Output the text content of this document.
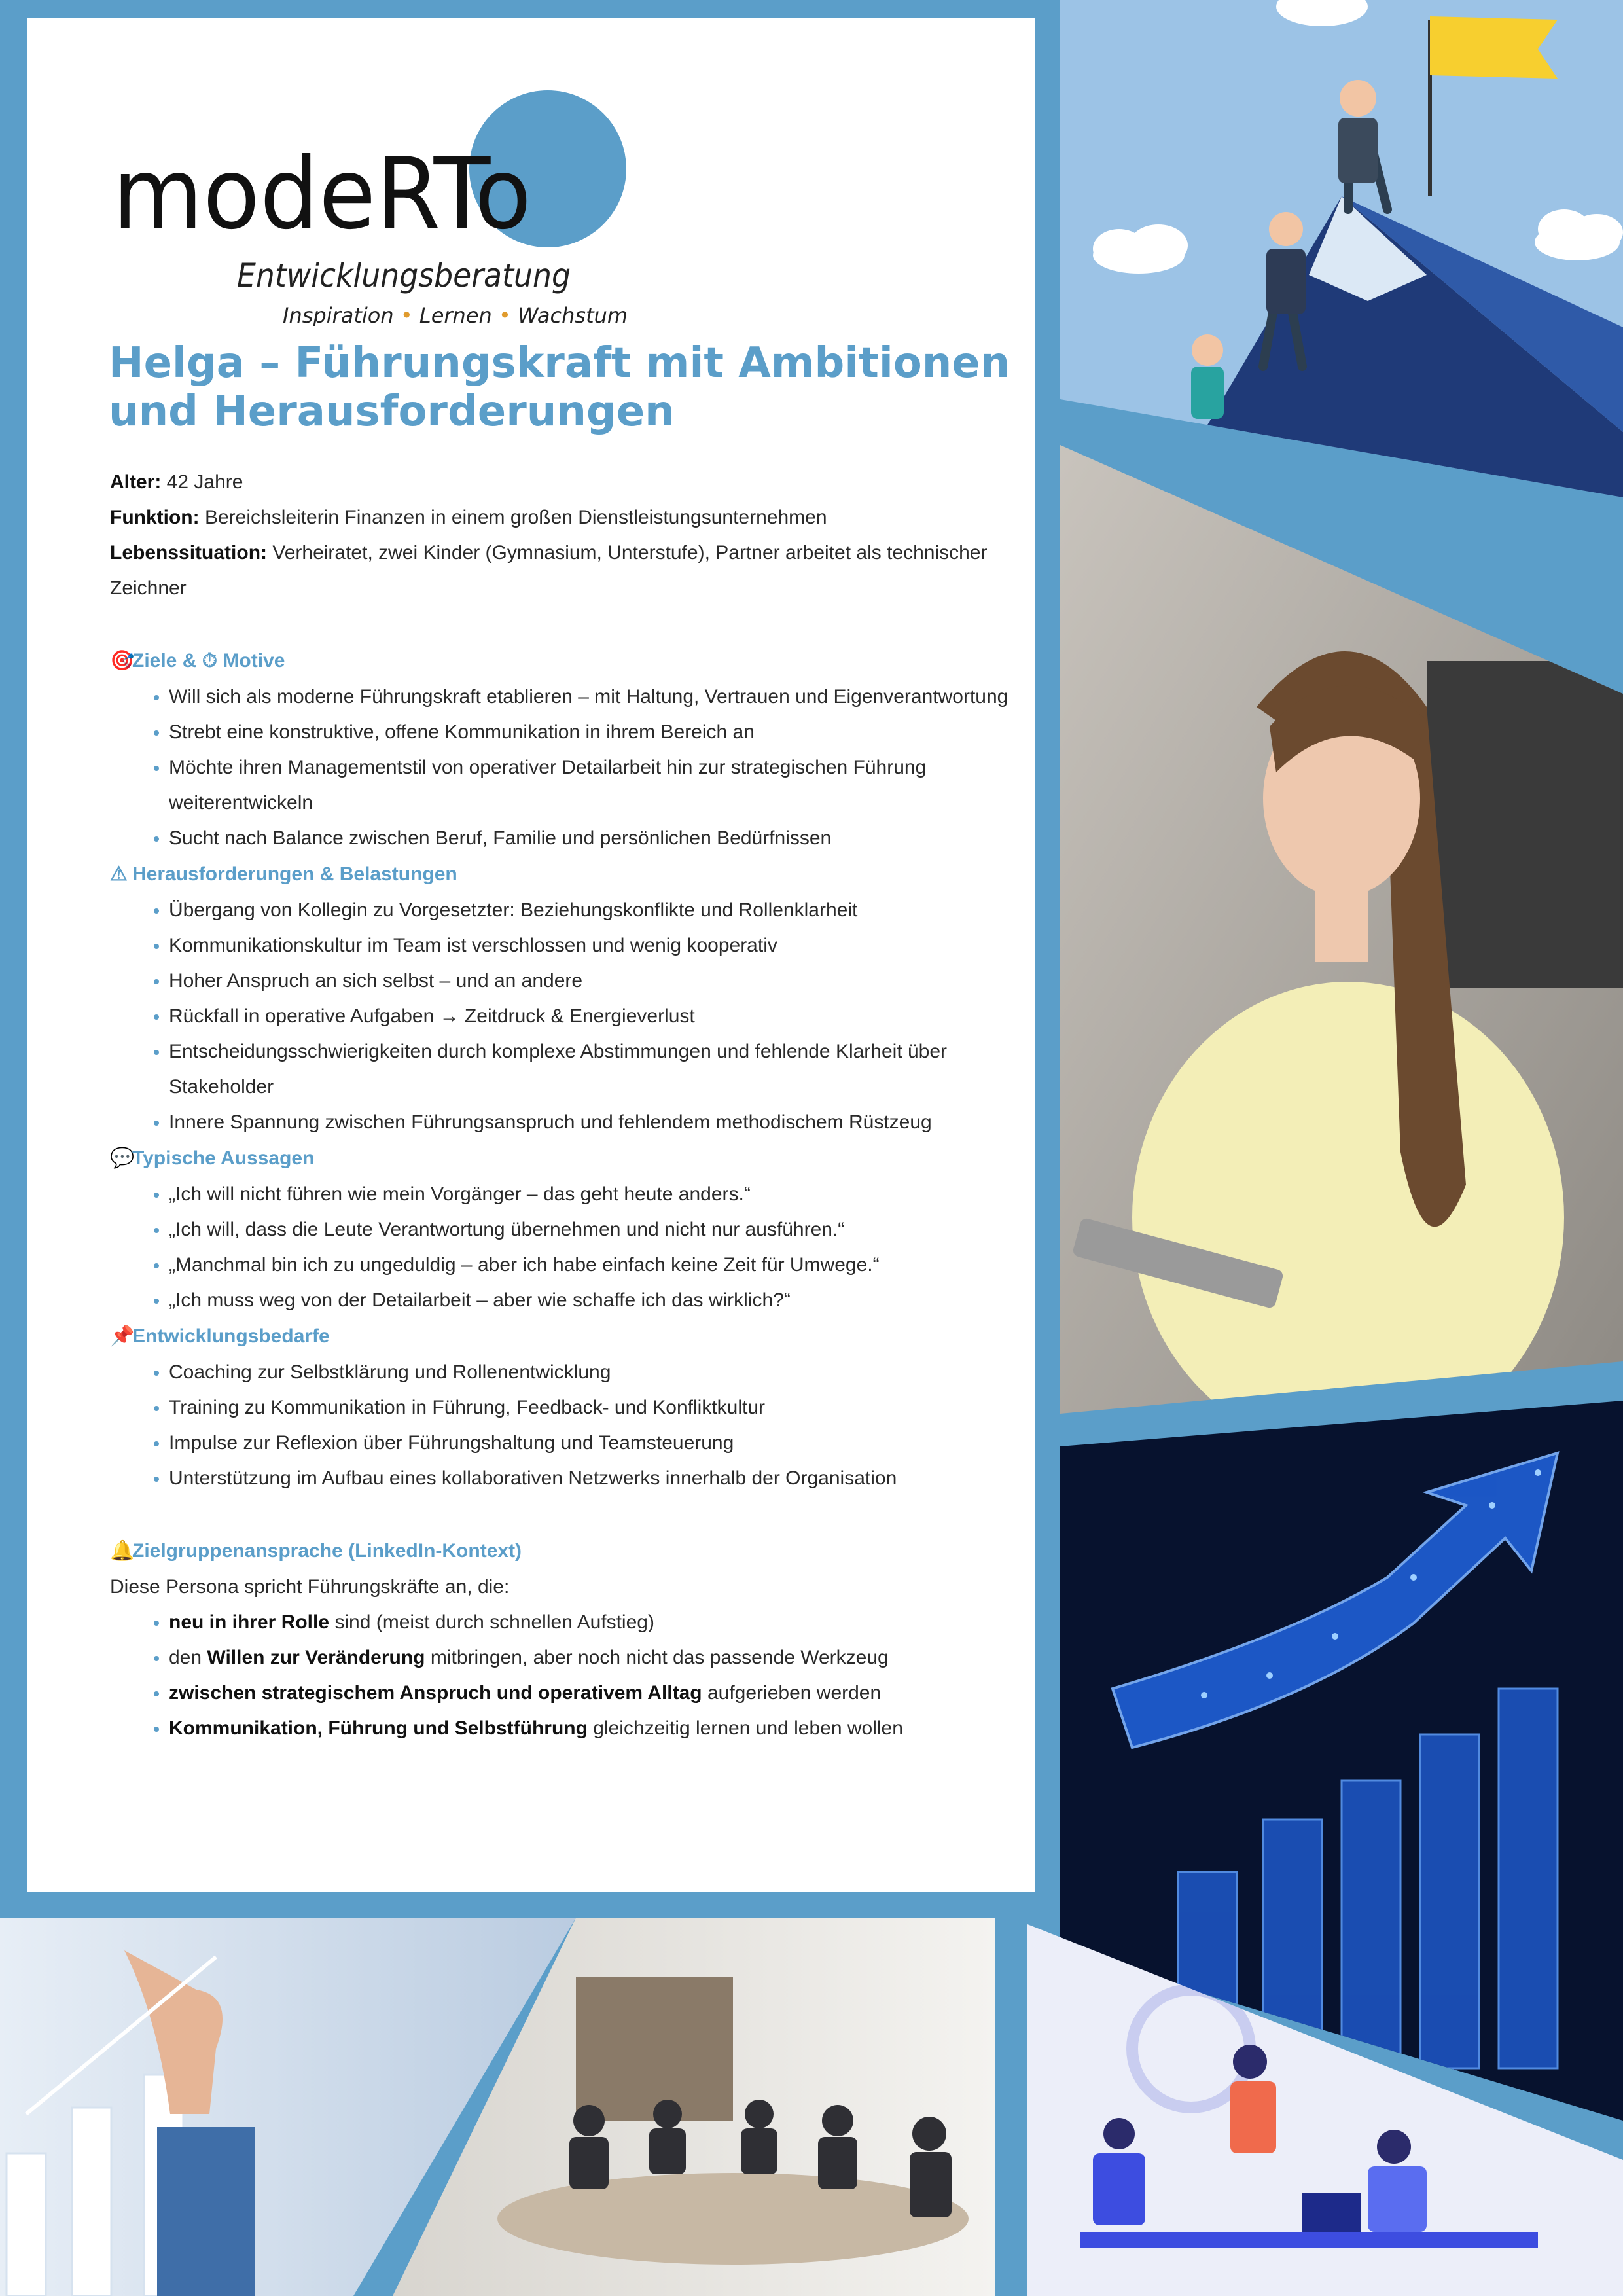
modeRTo
Entwicklungsberatung
Inspiration • Lernen • Wachstum
Helga – Führungskraft mit Ambitionen und Herausforderungen

Alter: 42 Jahre

Funktion: Bereichsleiterin Finanzen in einem großen Dienstleistungsunternehmen

Lebenssituation: Verheiratet, zwei Kinder (Gymnasium, Unterstufe), Partner arbeitet als technischer Zeichner

🎯Ziele & ⏱ Motive
• Will sich als moderne Führungskraft etablieren – mit Haltung, Vertrauen und Eigenverantwortung
• Strebt eine konstruktive, offene Kommunikation in ihrem Bereich an
• Möchte ihren Managementstil von operativer Detailarbeit hin zur strategischen Führung weiterentwickeln
• Sucht nach Balance zwischen Beruf, Familie und persönlichen Bedürfnissen
⚠ Herausforderungen & Belastungen
• Übergang von Kollegin zu Vorgesetzter: Beziehungskonflikte und Rollenklarheit
• Kommunikationskultur im Team ist verschlossen und wenig kooperativ
• Hoher Anspruch an sich selbst – und an andere
• Rückfall in operative Aufgaben → Zeitdruck & Energieverlust
• Entscheidungsschwierigkeiten durch komplexe Abstimmungen und fehlende Klarheit über Stakeholder
• Innere Spannung zwischen Führungsanspruch und fehlendem methodischem Rüstzeug
💬Typische Aussagen
• „Ich will nicht führen wie mein Vorgänger – das geht heute anders.“
• „Ich will, dass die Leute Verantwortung übernehmen und nicht nur ausführen.“
• „Manchmal bin ich zu ungeduldig – aber ich habe einfach keine Zeit für Umwege.“
• „Ich muss weg von der Detailarbeit – aber wie schaffe ich das wirklich?“
📌Entwicklungsbedarfe
• Coaching zur Selbstklärung und Rollenentwicklung
• Training zu Kommunikation in Führung, Feedback- und Konfliktkultur
• Impulse zur Reflexion über Führungshaltung und Teamsteuerung
• Unterstützung im Aufbau eines kollaborativen Netzwerks innerhalb der Organisation
🔔Zielgruppenansprache (LinkedIn-Kontext)

Diese Persona spricht Führungskräfte an, die:

• neu in ihrer Rolle sind (meist durch schnellen Aufstieg)
• den Willen zur Veränderung mitbringen, aber noch nicht das passende Werkzeug
• zwischen strategischem Anspruch und operativem Alltag aufgerieben werden
• Kommunikation, Führung und Selbstführung gleichzeitig lernen und leben wollen
